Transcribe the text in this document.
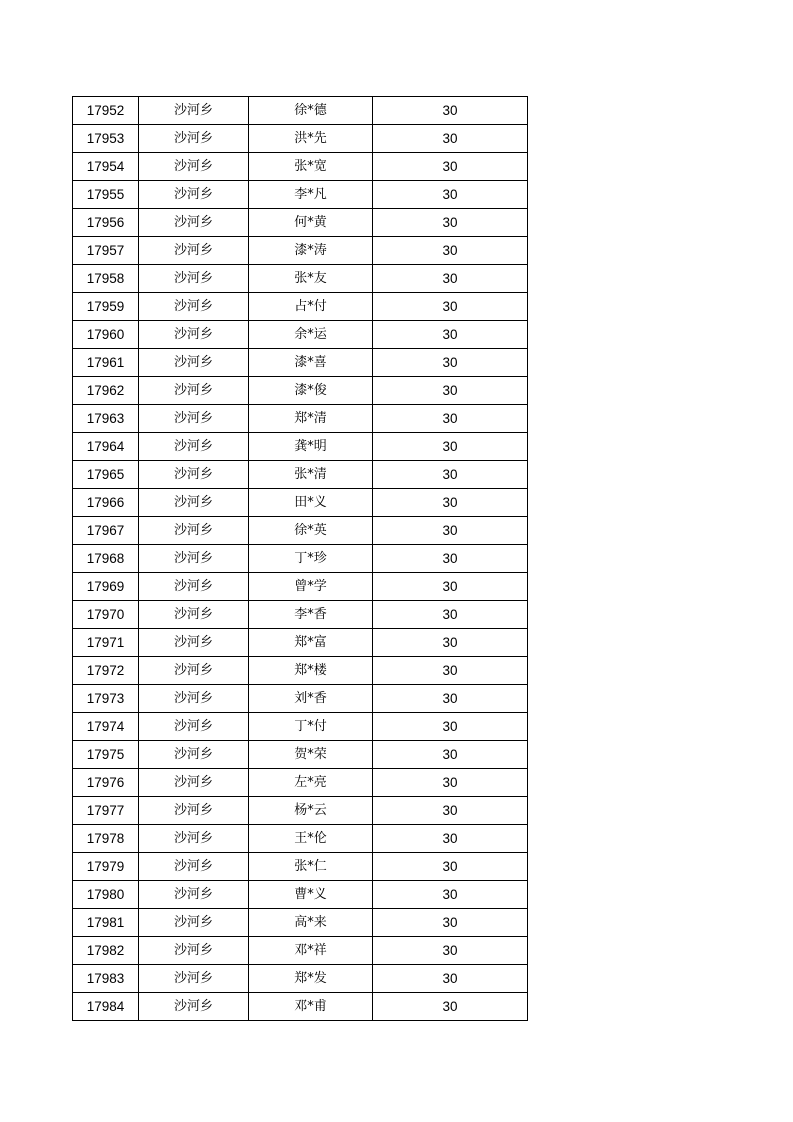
17952	沙河乡	徐*德	30
17953	沙河乡	洪*先	30
17954	沙河乡	张*宽	30
17955	沙河乡	李*凡	30
17956	沙河乡	何*黄	30
17957	沙河乡	漆*涛	30
17958	沙河乡	张*友	30
17959	沙河乡	占*付	30
17960	沙河乡	余*运	30
17961	沙河乡	漆*喜	30
17962	沙河乡	漆*俊	30
17963	沙河乡	郑*清	30
17964	沙河乡	龚*明	30
17965	沙河乡	张*清	30
17966	沙河乡	田*义	30
17967	沙河乡	徐*英	30
17968	沙河乡	丁*珍	30
17969	沙河乡	曾*学	30
17970	沙河乡	李*香	30
17971	沙河乡	郑*富	30
17972	沙河乡	郑*楼	30
17973	沙河乡	刘*香	30
17974	沙河乡	丁*付	30
17975	沙河乡	贺*荣	30
17976	沙河乡	左*亮	30
17977	沙河乡	杨*云	30
17978	沙河乡	王*伦	30
17979	沙河乡	张*仁	30
17980	沙河乡	曹*义	30
17981	沙河乡	高*来	30
17982	沙河乡	邓*祥	30
17983	沙河乡	郑*发	30
17984	沙河乡	邓*甫	30
